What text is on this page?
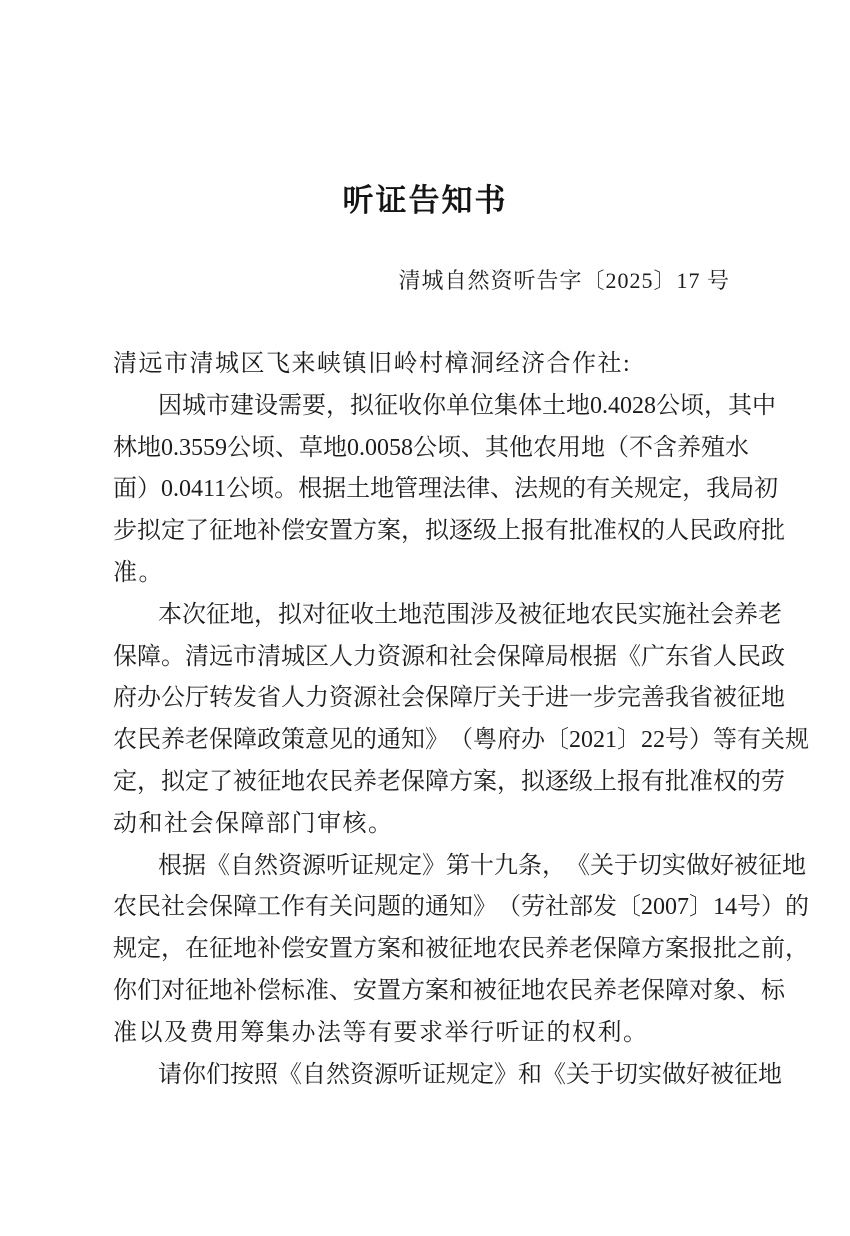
听证告知书
清城自然资听告字〔2025〕17 号
清远市清城区飞来峡镇旧岭村樟洞经济合作社:
因 城 市 建 设 需 要 ， 拟 征 收 你 单 位 集 体 土 地 0.4028 公 顷 ， 其 中
林 地 0.3559 公 顷 、 草 地 0.0058 公 顷 、 其 他 农 用 地 （ 不 含 养 殖 水
面 ） 0.0411 公 顷 。 根 据 土 地 管 理 法 律 、 法 规 的 有 关 规 定 ， 我 局 初
步 拟 定 了 征 地 补 偿 安 置 方 案 ， 拟 逐 级 上 报 有 批 准 权 的 人 民 政 府 批
准。
本 次 征 地 ， 拟 对 征 收 土 地 范 围 涉 及 被 征 地 农 民 实 施 社 会 养 老
保 障 。 清 远 市 清 城 区 人 力 资 源 和 社 会 保 障 局 根 据 《 广 东 省 人 民 政
府 办 公 厅 转 发 省 人 力 资 源 社 会 保 障 厅 关 于 进 一 步 完 善 我 省 被 征 地
农 民 养 老 保 障 政 策 意 见 的 通 知 》 （ 粤 府 办 〔 2021 〕 22 号 ） 等 有 关 规
定 ， 拟 定 了 被 征 地 农 民 养 老 保 障 方 案 ， 拟 逐 级 上 报 有 批 准 权 的 劳
动和社会保障部门审核。
根 据 《 自 然 资 源 听 证 规 定 》 第 十 九 条 ， 《 关 于 切 实 做 好 被 征 地
农 民 社 会 保 障 工 作 有 关 问 题 的 通 知 》 （ 劳 社 部 发 〔 2007 〕 14 号 ） 的
规 定 ， 在 征 地 补 偿 安 置 方 案 和 被 征 地 农 民 养 老 保 障 方 案 报 批 之 前 ，
你 们 对 征 地 补 偿 标 准 、 安 置 方 案 和 被 征 地 农 民 养 老 保 障 对 象 、 标
准以及费用筹集办法等有要求举行听证的权利。
请 你 们 按 照 《 自 然 资 源 听 证 规 定 》 和 《 关 于 切 实 做 好 被 征 地
